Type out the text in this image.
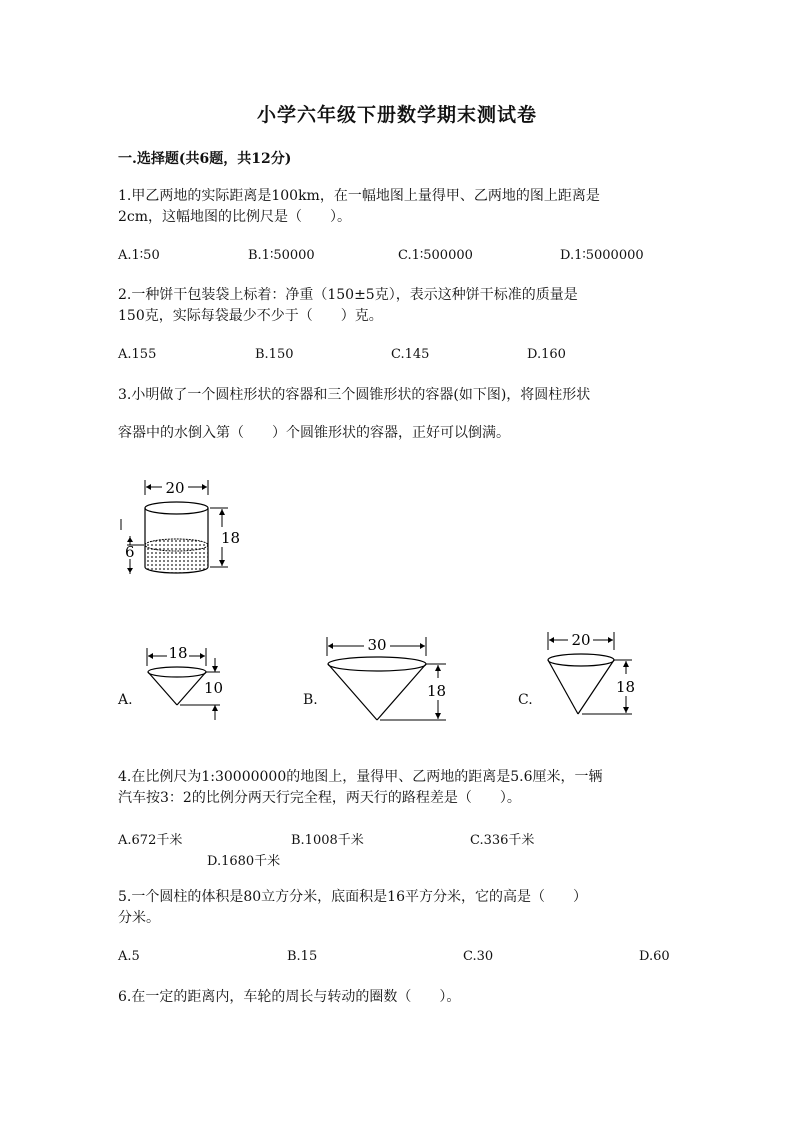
小学六年级下册数学期末测试卷
一.选择题(共6题，共12分)
1.甲乙两地的实际距离是100km，在一幅地图上量得甲、乙两地的图上距离是
2cm，这幅地图的比例尺是（　　）。
A.1∶50	B.1∶50000	C.1∶500000	D.1∶5000000
2.一种饼干包装袋上标着：净重（150±5克），表示这种饼干标准的质量是
150克，实际每袋最少不少于（　　）克。
A.155	B.150	C.145	D.160
3.小明做了一个圆柱形状的容器和三个圆锥形状的容器(如下图)，将圆柱形状
容器中的水倒入第（　　）个圆锥形状的容器，正好可以倒满。
20
18
6
A.
18
10
B.
30
18	C.
20
18
4.在比例尺为1:30000000的地图上，量得甲、乙两地的距离是5.6厘米，一辆
汽车按3：2的比例分两天行完全程，两天行的路程差是（　　）。
A.672千米	B.1008千米	C.336千米
D.1680千米
5.一个圆柱的体积是80立方分米，底面积是16平方分米，它的高是（　　）
分米。
A.5	B.15	C.30	D.60
6.在一定的距离内，车轮的周长与转动的圈数（　　）。
